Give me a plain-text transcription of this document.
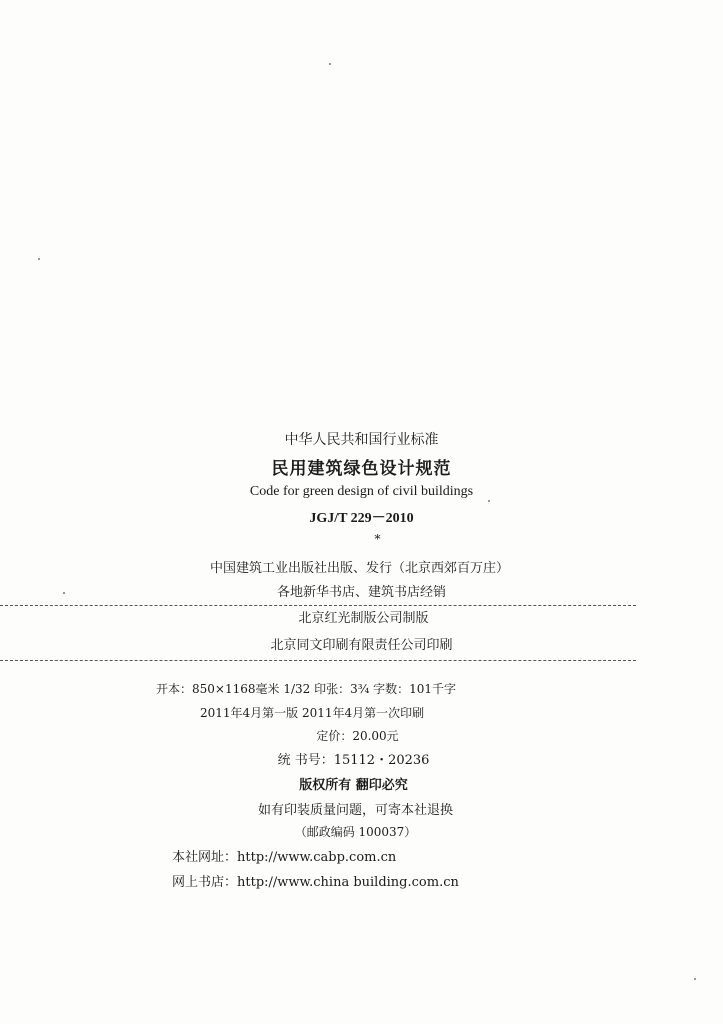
中华人民共和国行业标准
民用建筑绿色设计规范
Code for green design of civil buildings
JGJ/T 229－2010
*
中国建筑工业出版社出版、发行（北京西郊百万庄）
各地新华书店、建筑书店经销
北京红光制版公司制版
北京同文印刷有限责任公司印刷
开本：850×1168毫米 1/32 印张：3¾ 字数：101千字
2011年4月第一版 2011年4月第一次印刷
定价：20.00元
统 书号：15112・20236
版权所有 翻印必究
如有印装质量问题，可寄本社退换
（邮政编码 100037）
本社网址：http://www.cabp.com.cn
网上书店：http://www.china building.com.cn
